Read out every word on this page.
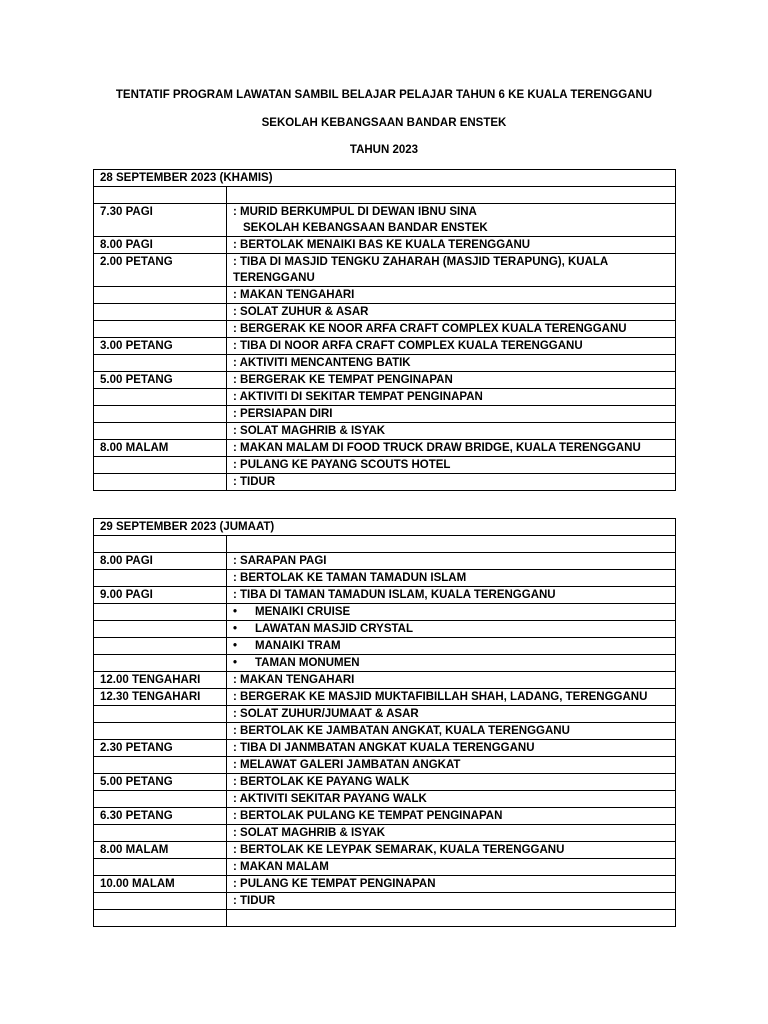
TENTATIF PROGRAM LAWATAN SAMBIL BELAJAR PELAJAR TAHUN 6 KE KUALA TERENGGANU
SEKOLAH KEBANGSAAN BANDAR ENSTEK
TAHUN 2023
28 SEPTEMBER 2023 (KHAMIS)	

7.30 PAGI	: MURID BERKUMPUL DI DEWAN IBNU SINA
SEKOLAH KEBANGSAAN BANDAR ENSTEK
8.00 PAGI	: BERTOLAK MENAIKI BAS KE KUALA TERENGGANU
2.00 PETANG	: TIBA DI MASJID TENGKU ZAHARAH (MASJID TERAPUNG), KUALA TERENGGANU
	: MAKAN TENGAHARI
	: SOLAT ZUHUR & ASAR
	: BERGERAK KE NOOR ARFA CRAFT COMPLEX KUALA TERENGGANU
3.00 PETANG	: TIBA DI NOOR ARFA CRAFT COMPLEX KUALA TERENGGANU
	: AKTIVITI MENCANTENG BATIK
5.00 PETANG	: BERGERAK KE TEMPAT PENGINAPAN
	: AKTIVITI DI SEKITAR TEMPAT PENGINAPAN
	: PERSIAPAN DIRI
	: SOLAT MAGHRIB & ISYAK
8.00 MALAM	: MAKAN MALAM DI FOOD TRUCK DRAW BRIDGE, KUALA TERENGGANU
	: PULANG KE PAYANG SCOUTS HOTEL
	: TIDUR
29 SEPTEMBER 2023 (JUMAAT)	

8.00 PAGI	: SARAPAN PAGI
	: BERTOLAK KE TAMAN TAMADUN ISLAM
9.00 PAGI	: TIBA DI TAMAN TAMADUN ISLAM, KUALA TERENGGANU
	• MENAIKI CRUISE
	• LAWATAN MASJID CRYSTAL
	• MANAIKI TRAM
	• TAMAN MONUMEN
12.00 TENGAHARI	: MAKAN TENGAHARI
12.30 TENGAHARI	: BERGERAK KE MASJID MUKTAFIBILLAH SHAH, LADANG, TERENGGANU
	: SOLAT ZUHUR/JUMAAT & ASAR
	: BERTOLAK KE JAMBATAN ANGKAT, KUALA TERENGGANU
2.30 PETANG	: TIBA DI JANMBATAN ANGKAT KUALA TERENGGANU
	: MELAWAT GALERI JAMBATAN ANGKAT
5.00 PETANG	: BERTOLAK KE PAYANG WALK
	: AKTIVITI SEKITAR PAYANG WALK
6.30 PETANG	: BERTOLAK PULANG KE TEMPAT PENGINAPAN
	: SOLAT MAGHRIB & ISYAK
8.00 MALAM	: BERTOLAK KE LEYPAK SEMARAK, KUALA TERENGGANU
	: MAKAN MALAM
10.00 MALAM	: PULANG KE TEMPAT PENGINAPAN
	: TIDUR
